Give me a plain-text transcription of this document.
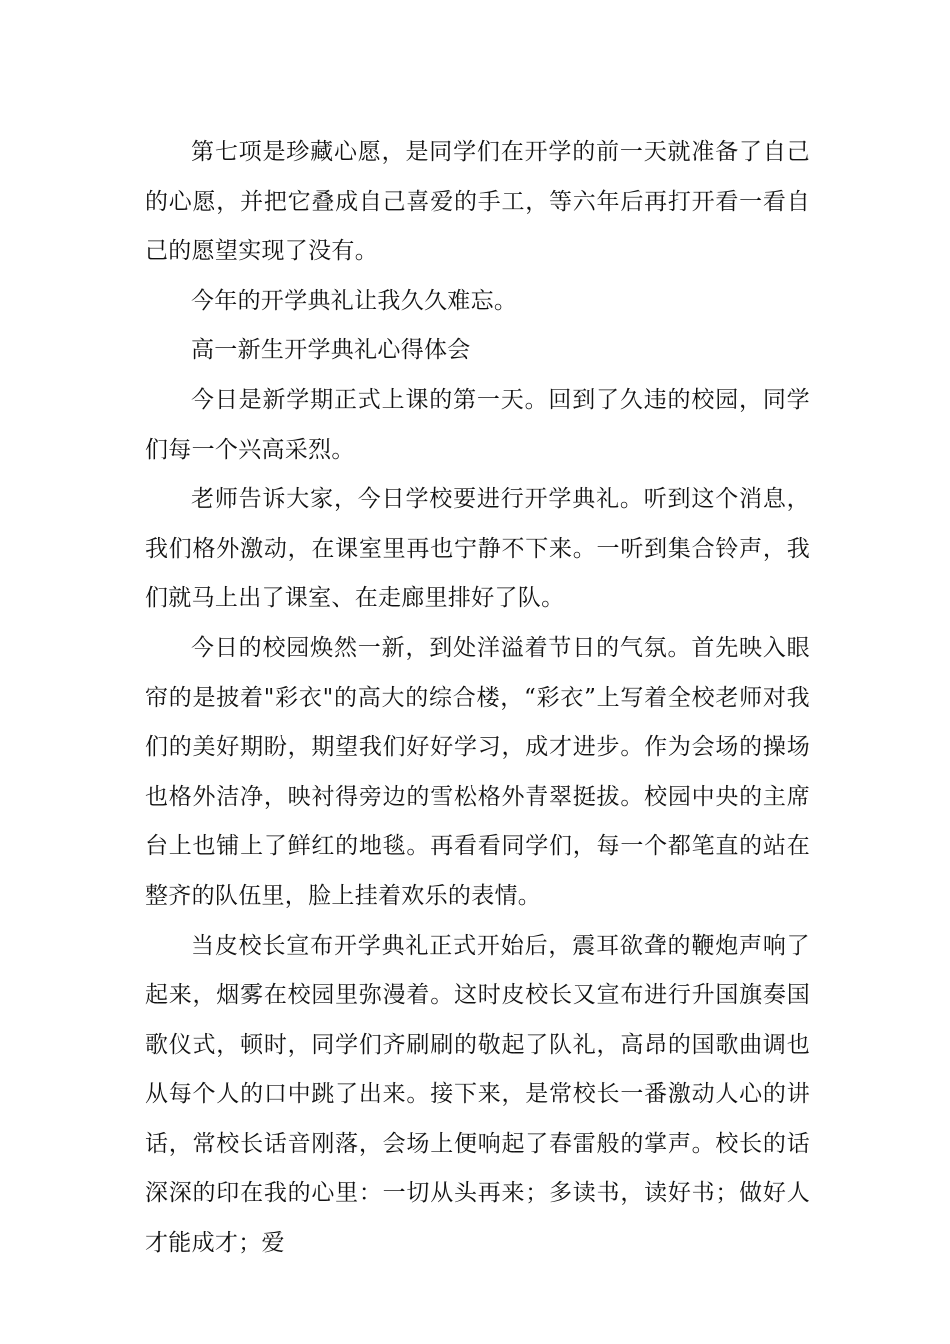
第七项是珍藏心愿，是同学们在开学的前一天就准备了自己的心愿，并把它叠成自己喜爱的手工，等六年后再打开看一看自己的愿望实现了没有。

今年的开学典礼让我久久难忘。

高一新生开学典礼心得体会

今日是新学期正式上课的第一天。回到了久违的校园，同学们每一个兴高采烈。

老师告诉大家，今日学校要进行开学典礼。听到这个消息，我们格外激动，在课室里再也宁静不下来。一听到集合铃声，我们就马上出了课室、在走廊里排好了队。

今日的校园焕然一新，到处洋溢着节日的气氛。首先映入眼帘的是披着"彩衣"的高大的综合楼，“彩衣”上写着全校老师对我们的美好期盼，期望我们好好学习，成才进步。作为会场的操场也格外洁净，映衬得旁边的雪松格外青翠挺拔。校园中央的主席台上也铺上了鲜红的地毯。再看看同学们，每一个都笔直的站在整齐的队伍里，脸上挂着欢乐的表情。

当皮校长宣布开学典礼正式开始后，震耳欲聋的鞭炮声响了起来，烟雾在校园里弥漫着。这时皮校长又宣布进行升国旗奏国歌仪式，顿时，同学们齐刷刷的敬起了队礼，高昂的国歌曲调也从每个人的口中跳了出来。接下来，是常校长一番激动人心的讲话，常校长话音刚落，会场上便响起了春雷般的掌声。校长的话深深的印在我的心里：一切从头再来；多读书，读好书；做好人才能成才；爱
